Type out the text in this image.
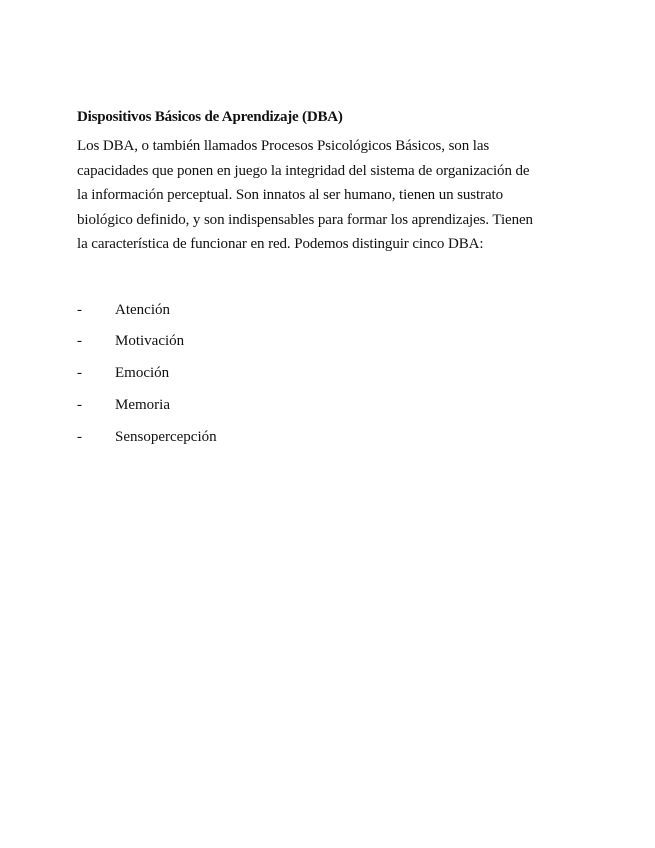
Dispositivos Básicos de Aprendizaje (DBA)

Los DBA, o también llamados Procesos Psicológicos Básicos, son las
capacidades que ponen en juego la integridad del sistema de organización de
la información perceptual. Son innatos al ser humano, tienen un sustrato
biológico definido, y son indispensables para formar los aprendizajes. Tienen
la característica de funcionar en red. Podemos distinguir cinco DBA:

-	Atención
-	Motivación
-	Emoción
-	Memoria
-	Sensopercepción
